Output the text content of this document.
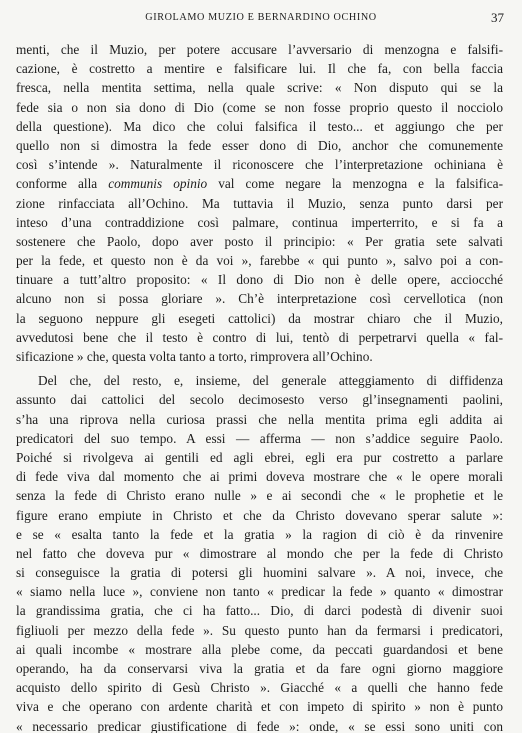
GIROLAMO MUZIO E BERNARDINO OCHINO	37
menti, che il Muzio, per potere accusare l’avversario di menzogna e falsifi-
cazione, è costretto a mentire e falsificare lui. Il che fa, con bella faccia
fresca, nella mentita settima, nella quale scrive: « Non disputo qui se la
fede sia o non sia dono di Dio (come se non fosse proprio questo il nocciolo
della questione). Ma dico che colui falsifica il testo... et aggiungo che per
quello non si dimostra la fede esser dono di Dio, anchor che comunemente
così s’intende ». Naturalmente il riconoscere che l’interpretazione ochiniana è
conforme alla communis opinio val come negare la menzogna e la falsifica-
zione rinfacciata all’Ochino. Ma tuttavia il Muzio, senza punto darsi per
inteso d’una contraddizione così palmare, continua imperterrito, e si fa a
sostenere che Paolo, dopo aver posto il principio: « Per gratia sete salvati
per la fede, et questo non è da voi », farebbe « qui punto », salvo poi a con-
tinuare a tutt’altro proposito: « Il dono di Dio non è delle opere, acciocché
alcuno non si possa gloriare ». Ch’è interpretazione così cervellotica (non
la seguono neppure gli esegeti cattolici) da mostrar chiaro che il Muzio,
avvedutosi bene che il testo è contro di lui, tentò di perpetrarvi quella « fal-
sificazione » che, questa volta tanto a torto, rimprovera all’Ochino.
Del che, del resto, e, insieme, del generale atteggiamento di diffidenza
assunto dai cattolici del secolo decimosesto verso gl’insegnamenti paolini,
s’ha una riprova nella curiosa prassi che nella mentita prima egli addita ai
predicatori del suo tempo. A essi — afferma — non s’addice seguire Paolo.
Poiché si rivolgeva ai gentili ed agli ebrei, egli era pur costretto a parlare
di fede viva dal momento che ai primi doveva mostrare che « le opere morali
senza la fede di Christo erano nulle » e ai secondi che « le prophetie et le
figure erano empiute in Christo et che da Christo dovevano sperar salute »:
e se « esalta tanto la fede et la gratia » la ragion di ciò è da rinvenire
nel fatto che doveva pur « dimostrare al mondo che per la fede di Christo
si conseguisce la gratia di potersi gli huomini salvare ». A noi, invece, che
« siamo nella luce », conviene non tanto « predicar la fede » quanto « dimostrar
la grandissima gratia, che ci ha fatto... Dio, di darci podestà di divenir suoi
figliuoli per mezzo della fede ». Su questo punto han da fermarsi i predicatori,
ai quali incombe « mostrare alla plebe come, da peccati guardandosi et bene
operando, ha da conservarsi viva la gratia et da fare ogni giorno maggiore
acquisto dello spirito di Gesù Christo ». Giacché « a quelli che hanno fede
viva e che operano con ardente charità et con impeto di spirito » non è punto
« necessario predicar giustificatione di fede »: onde, « se essi sono uniti con
